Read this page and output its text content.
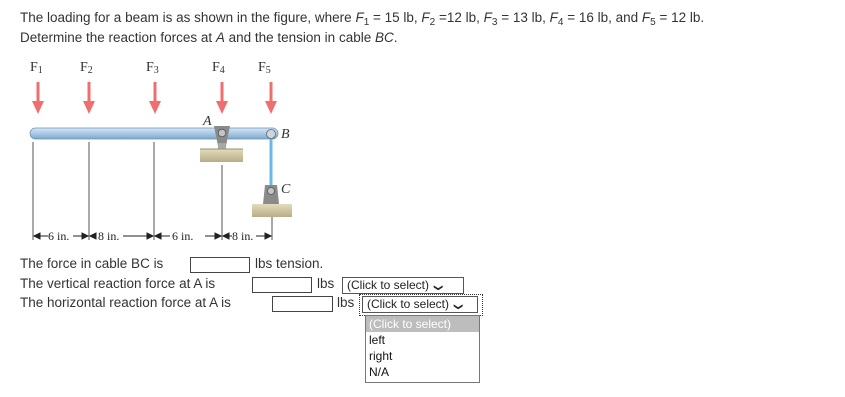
The loading for a beam is as shown in the figure, where $F_1 = 15$ lb, $F_2 =12$ lb, $F_3 = 13$ lb, $F_4 = 16$ lb, and $F_5 = 12$ lb.
Determine the reaction forces at A and the tension in cable BC.
$F_1$	$F_2$	$F_3$	$F_4$ $F_5$
A
B
C
6 in. 8 in.	6 in.	8 in.
The force in cable BC is	lbs tension.
The vertical reaction force at A is	lbs	(Click to select) ❮
The horizontal reaction force at A is	lbs	(Click to select) ❮
(Click to select)
left
right
N/A
